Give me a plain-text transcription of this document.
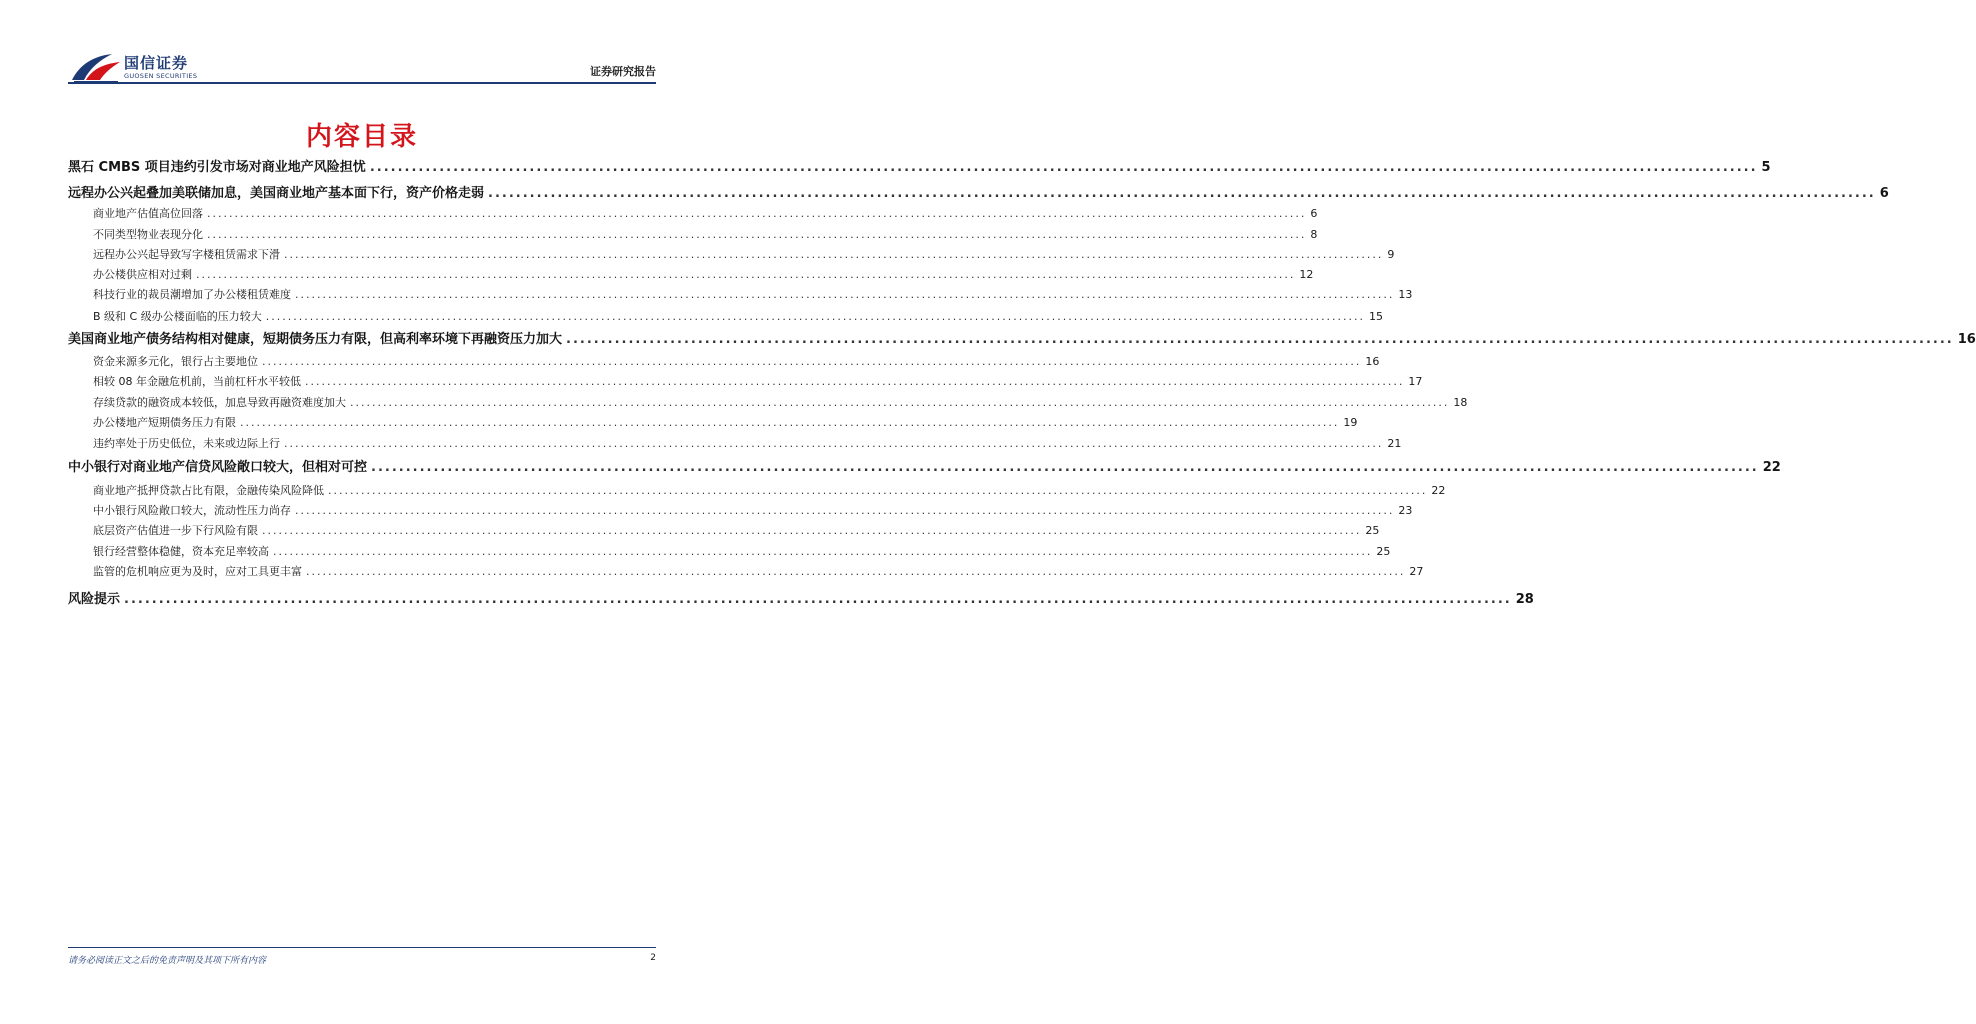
国信证券
GUOSEN SECURITIES	证券研究报告
内容目录
黑石 CMBS 项目违约引发市场对商业地产风险担忧 ........................................................................................................................................................................................................ 5
远程办公兴起叠加美联储加息，美国商业地产基本面下行，资产价格走弱 ........................................................................................................................................................................................................ 6
商业地产估值高位回落 ........................................................................................................................................................................................................ 6
不同类型物业表现分化 ........................................................................................................................................................................................................ 8
远程办公兴起导致写字楼租赁需求下滑 ........................................................................................................................................................................................................ 9
办公楼供应相对过剩 ........................................................................................................................................................................................................ 12
科技行业的裁员潮增加了办公楼租赁难度 ........................................................................................................................................................................................................ 13
B 级和 C 级办公楼面临的压力较大 ........................................................................................................................................................................................................ 15
美国商业地产债务结构相对健康，短期债务压力有限，但高利率环境下再融资压力加大 ........................................................................................................................................................................................................ 16
资金来源多元化，银行占主要地位 ........................................................................................................................................................................................................ 16
相较 08 年金融危机前，当前杠杆水平较低 ........................................................................................................................................................................................................ 17
存续贷款的融资成本较低，加息导致再融资难度加大 ........................................................................................................................................................................................................ 18
办公楼地产短期债务压力有限 ........................................................................................................................................................................................................ 19
违约率处于历史低位，未来或边际上行 ........................................................................................................................................................................................................ 21
中小银行对商业地产信贷风险敞口较大，但相对可控 ........................................................................................................................................................................................................ 22
商业地产抵押贷款占比有限，金融传染风险降低 ........................................................................................................................................................................................................ 22
中小银行风险敞口较大，流动性压力尚存 ........................................................................................................................................................................................................ 23
底层资产估值进一步下行风险有限 ........................................................................................................................................................................................................ 25
银行经营整体稳健，资本充足率较高 ........................................................................................................................................................................................................ 25
监管的危机响应更为及时，应对工具更丰富 ........................................................................................................................................................................................................ 27
风险提示 ........................................................................................................................................................................................................ 28
请务必阅读正文之后的免责声明及其项下所有内容	2
